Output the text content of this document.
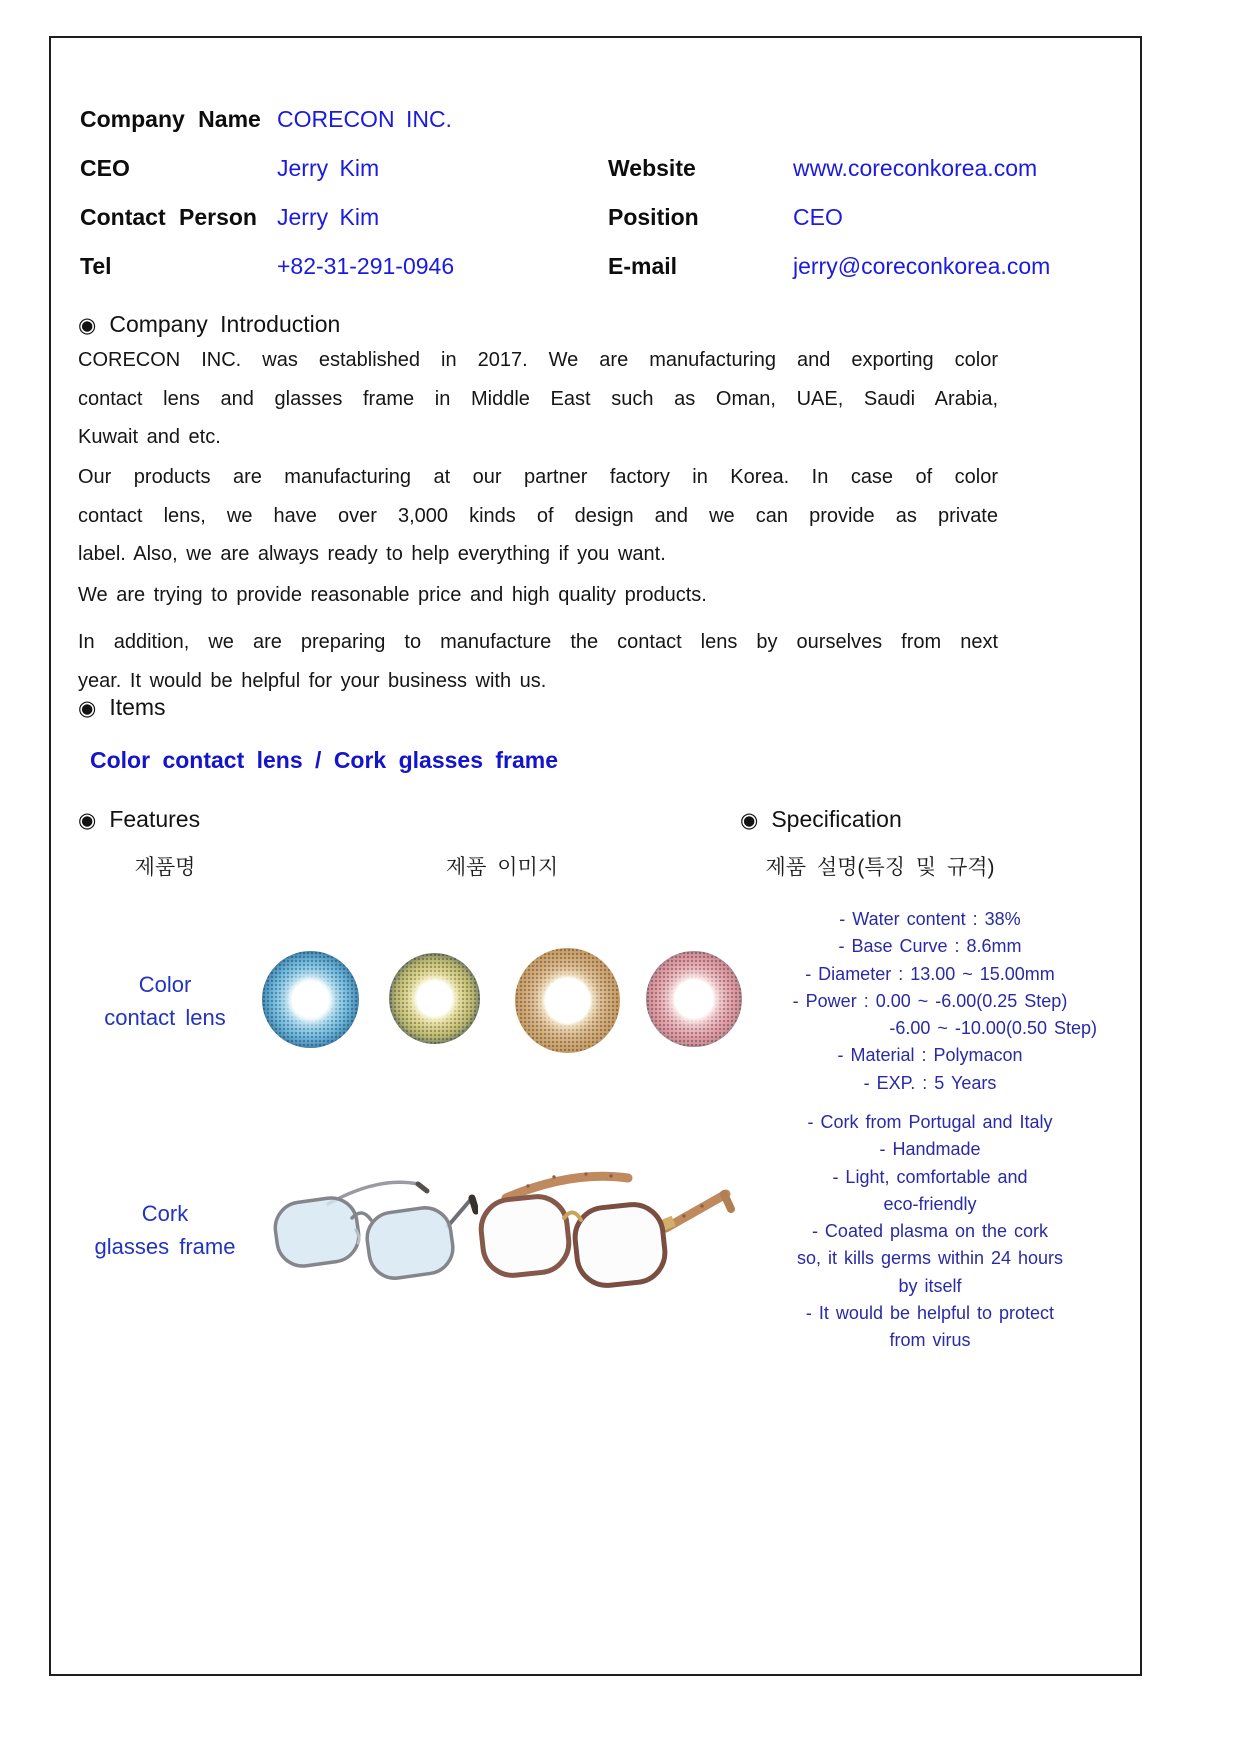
Company Name CORECON INC.
CEO	Jerry Kim	Website	www.coreconkorea.com
Contact Person Jerry Kim	Position	CEO
Tel	+82-31-291-0946	E-mail	jerry@coreconkorea.com
◉ Company Introduction
CORECON INC. was established in 2017. We are manufacturing and exporting color
contact lens and glasses frame in Middle East such as Oman, UAE, Saudi Arabia,
Kuwait and etc.
Our products are manufacturing at our partner factory in Korea. In case of color
contact lens, we have over 3,000 kinds of design and we can provide as private
label. Also, we are always ready to help everything if you want.
We are trying to provide reasonable price and high quality products.
In addition, we are preparing to manufacture the contact lens by ourselves from next
year. It would be helpful for your business with us.
◉ Items
Color contact lens / Cork glasses frame
◉ Features	◉ Specification
제품명	제품 이미지	제품 설명(특징 및 규격)
Color
contact lens
- Water content : 38%
- Base Curve : 8.6mm
- Diameter : 13.00 ~ 15.00mm
- Power : 0.00 ~ -6.00(0.25 Step)
-6.00 ~ -10.00(0.50 Step)
- Material : Polymacon
- EXP. : 5 Years
Cork
glasses frame
- Cork from Portugal and Italy
- Handmade
- Light, comfortable and
eco-friendly
- Coated plasma on the cork
so, it kills germs within 24 hours
by itself
- It would be helpful to protect
from virus
